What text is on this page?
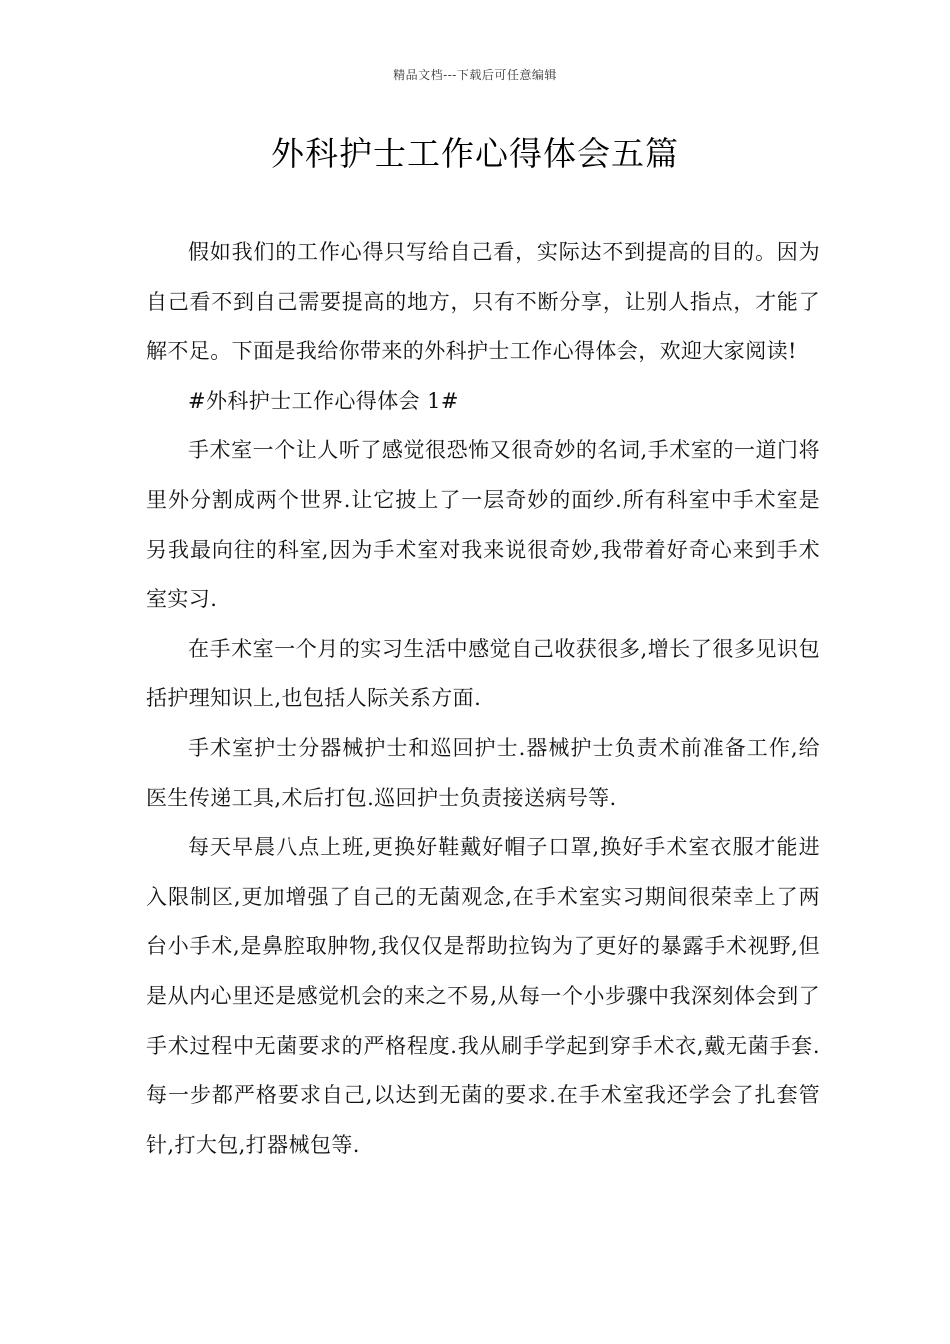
精品文档---下载后可任意编辑
外科护士工作心得体会五篇

假如我们的工作心得只写给自己看，实际达不到提高的目的。因为自己看不到自己需要提高的地方，只有不断分享，让别人指点，才能了解不足。下面是我给你带来的外科护士工作心得体会，欢迎大家阅读!

#外科护士工作心得体会 1#

手术室一个让人听了感觉很恐怖又很奇妙的名词,手术室的一道门将里外分割成两个世界.让它披上了一层奇妙的面纱.所有科室中手术室是另我最向往的科室,因为手术室对我来说很奇妙,我带着好奇心来到手术室实习.

在手术室一个月的实习生活中感觉自己收获很多,增长了很多见识包括护理知识上,也包括人际关系方面.

手术室护士分器械护士和巡回护士.器械护士负责术前准备工作,给医生传递工具,术后打包.巡回护士负责接送病号等.

每天早晨八点上班,更换好鞋戴好帽子口罩,换好手术室衣服才能进入限制区,更加增强了自己的无菌观念,在手术室实习期间很荣幸上了两台小手术,是鼻腔取肿物,我仅仅是帮助拉钩为了更好的暴露手术视野,但是从内心里还是感觉机会的来之不易,从每一个小步骤中我深刻体会到了手术过程中无菌要求的严格程度.我从刷手学起到穿手术衣,戴无菌手套.每一步都严格要求自己,以达到无菌的要求.在手术室我还学会了扎套管针,打大包,打器械包等.
